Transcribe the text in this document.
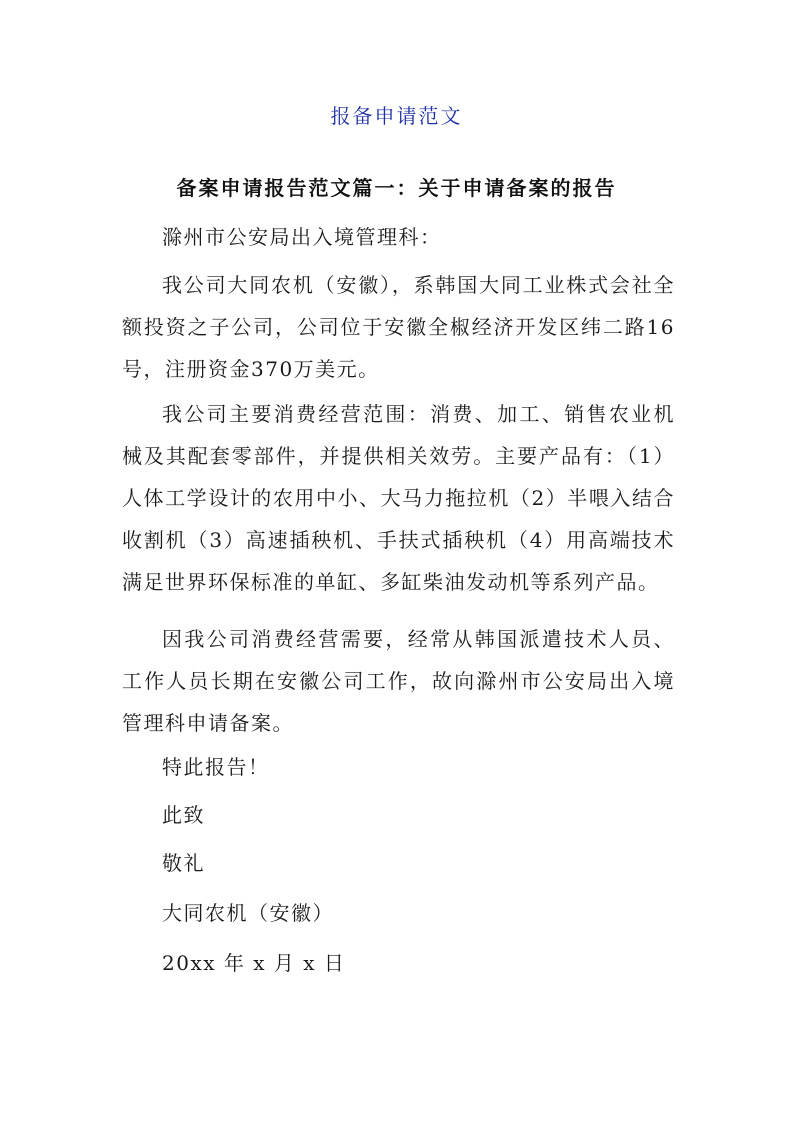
报备申请范文
备案申请报告范文篇一：关于申请备案的报告
滁州市公安局出入境管理科：
我公司大同农机（安徽），系韩国大同工业株式会社全额投资之子公司，公司位于安徽全椒经济开发区纬二路16号，注册资金370万美元。
我公司主要消费经营范围：消费、加工、销售农业机械及其配套零部件，并提供相关效劳。主要产品有：（1）人体工学设计的农用中小、大马力拖拉机（2）半喂入结合收割机（3）高速插秧机、手扶式插秧机（4）用高端技术满足世界环保标准的单缸、多缸柴油发动机等系列产品。
因我公司消费经营需要，经常从韩国派遣技术人员、工作人员长期在安徽公司工作，故向滁州市公安局出入境管理科申请备案。
特此报告！
此致
敬礼
大同农机（安徽）
20xx 年 x 月 x 日
